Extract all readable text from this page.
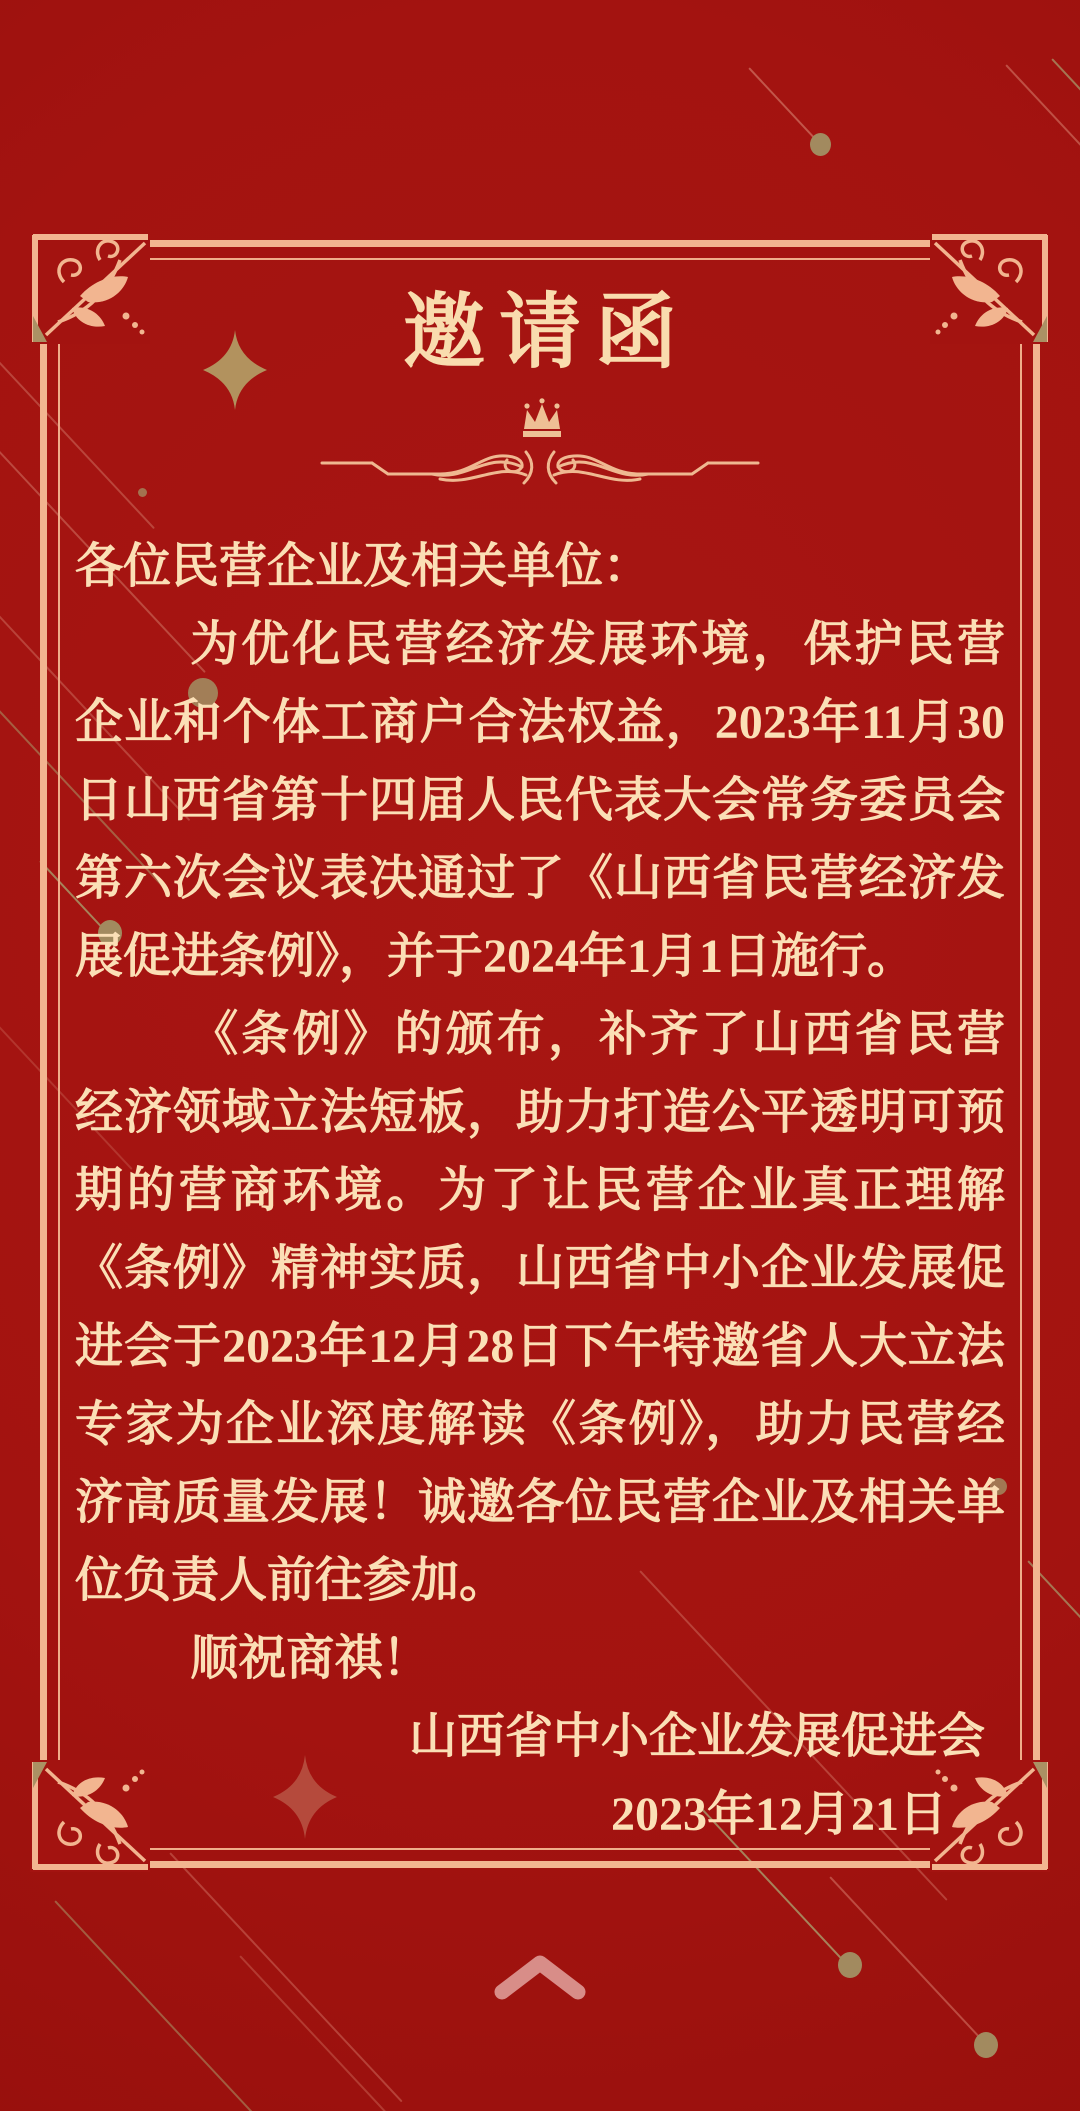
邀请函

各位民营企业及相关单位：

为优化民营经济发展环境，保护民营企业和个体工商户合法权益，2023年11月30日山西省第十四届人民代表大会常务委员会第六次会议表决通过了《山西省民营经济发展促进条例》，并于2024年1月1日施行。

《条例》的颁布，补齐了山西省民营经济领域立法短板，助力打造公平透明可预期的营商环境。为了让民营企业真正理解《条例》精神实质，山西省中小企业发展促进会于2023年12月28日下午特邀省人大立法专家为企业深度解读《条例》，助力民营经济高质量发展！诚邀各位民营企业及相关单位负责人前往参加。

顺祝商祺！

山西省中小企业发展促进会

2023年12月21日
